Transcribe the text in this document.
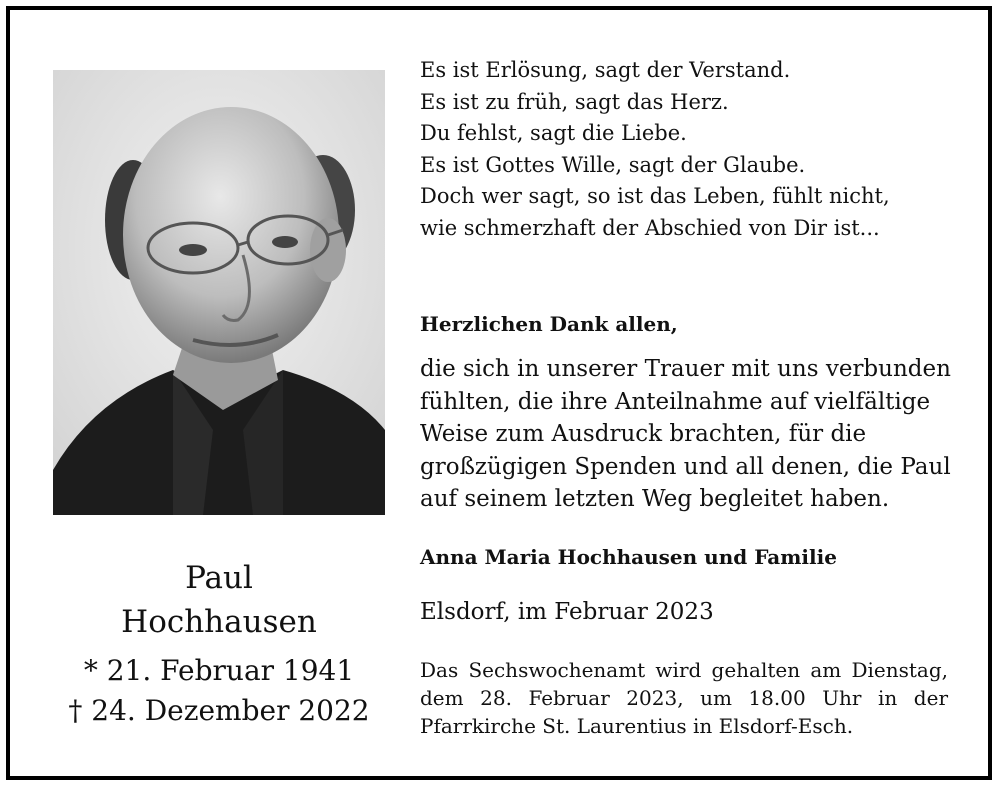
Paul
Hochhausen
* 21. Februar 1941
† 24. Dezember 2022
Es ist Erlösung, sagt der Verstand.
Es ist zu früh, sagt das Herz.
Du fehlst, sagt die Liebe.
Es ist Gottes Wille, sagt der Glaube.
Doch wer sagt, so ist das Leben, fühlt nicht,
wie schmerzhaft der Abschied von Dir ist...
Herzlichen Dank allen,
die sich in unserer Trauer mit uns verbunden
fühlten, die ihre Anteilnahme auf vielfältige
Weise zum Ausdruck brachten, für die
großzügigen Spenden und all denen, die Paul
auf seinem letzten Weg begleitet haben.
Anna Maria Hochhausen und Familie
Elsdorf, im Februar 2023
Das Sechswochenamt wird gehalten am Dienstag,
dem 28. Februar 2023, um 18.00 Uhr in der
Pfarrkirche St. Laurentius in Elsdorf-Esch.
